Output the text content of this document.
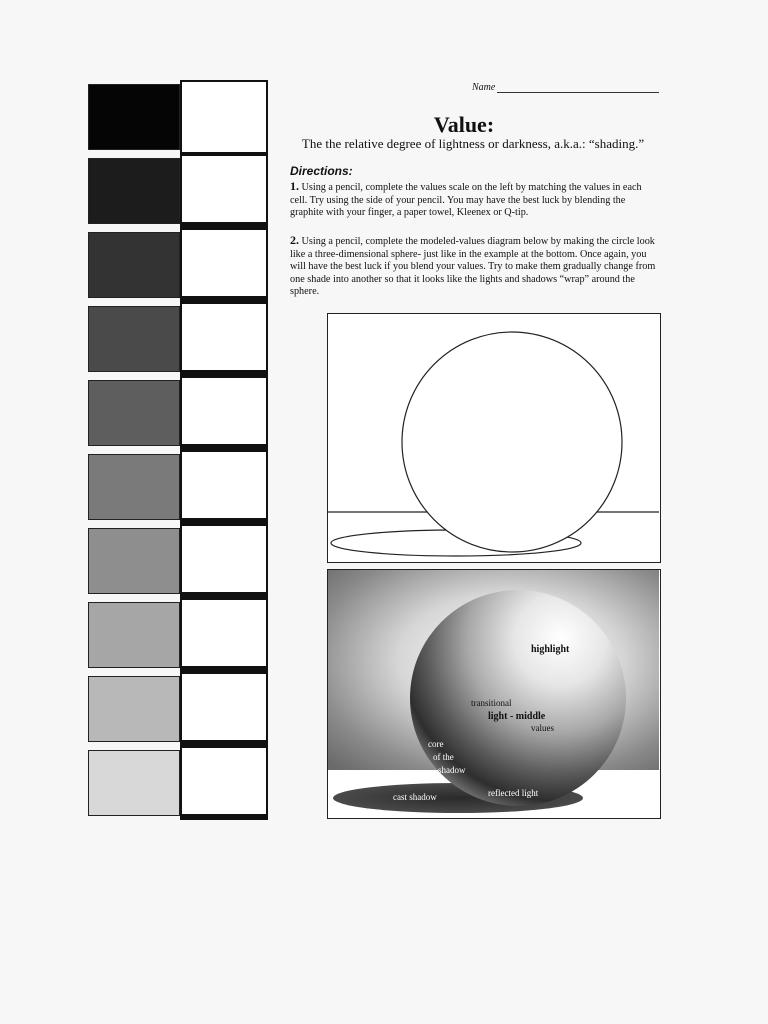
Name
Value:

The the relative degree of lightness or darkness, a.k.a.: “shading.”

Directions:

1. Using a pencil, complete the values scale on the left by matching the values in each cell. Try using the side of your pencil. You may have the best luck by blending the graphite with your finger, a paper towel, Kleenex or Q-tip.

2. Using a pencil, complete the modeled-values diagram below by making the circle look like a three-dimensional sphere- just like in the example at the bottom. Once again, you will have the best luck if you blend your values. Try to make them gradually change from one shade into another so that it looks like the lights and shadows “wrap” around the sphere.

highlight
transitional
light - middle
values
core
of the
shadow
cast shadow	reflected light
